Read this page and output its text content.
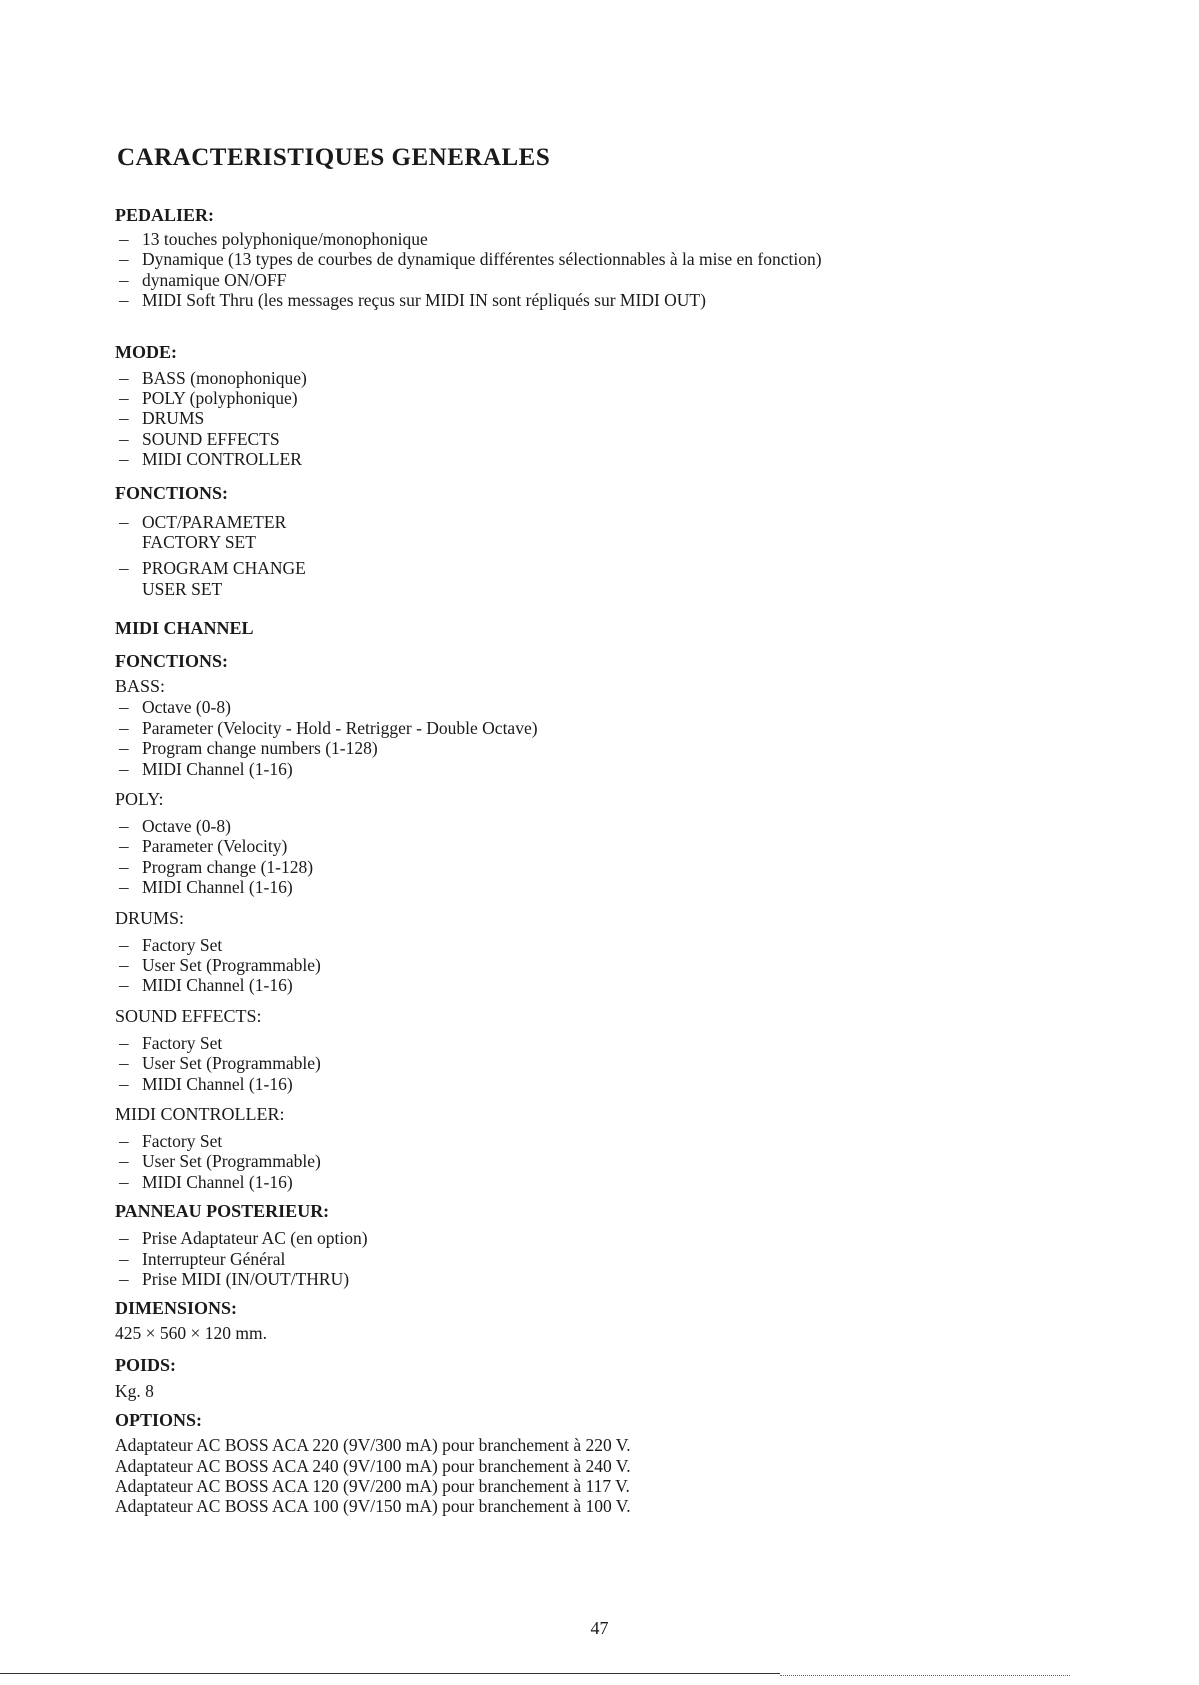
CARACTERISTIQUES GENERALES
PEDALIER:
— 13 touches polyphonique/monophonique
— Dynamique (13 types de courbes de dynamique différentes sélectionnables à la mise en fonction)
— dynamique ON/OFF
— MIDI Soft Thru (les messages reçus sur MIDI IN sont répliqués sur MIDI OUT)
MODE:
— BASS (monophonique)
— POLY (polyphonique)
— DRUMS
— SOUND EFFECTS
— MIDI CONTROLLER
FONCTIONS:
— OCT/PARAMETER
FACTORY SET
— PROGRAM CHANGE
USER SET
MIDI CHANNEL
FONCTIONS:
BASS:
— Octave (0-8)
— Parameter (Velocity - Hold - Retrigger - Double Octave)
— Program change numbers (1-128)
— MIDI Channel (1-16)
POLY:
— Octave (0-8)
— Parameter (Velocity)
— Program change (1-128)
— MIDI Channel (1-16)
DRUMS:
— Factory Set
— User Set (Programmable)
— MIDI Channel (1-16)
SOUND EFFECTS:
— Factory Set
— User Set (Programmable)
— MIDI Channel (1-16)
MIDI CONTROLLER:
— Factory Set
— User Set (Programmable)
— MIDI Channel (1-16)
PANNEAU POSTERIEUR:
— Prise Adaptateur AC (en option)
— Interrupteur Général
— Prise MIDI (IN/OUT/THRU)
DIMENSIONS:

425 × 560 × 120 mm.

POIDS:

Kg. 8

OPTIONS:

Adaptateur AC BOSS ACA 220 (9V/300 mA) pour branchement à 220 V.

Adaptateur AC BOSS ACA 240 (9V/100 mA) pour branchement à 240 V.

Adaptateur AC BOSS ACA 120 (9V/200 mA) pour branchement à 117 V.

Adaptateur AC BOSS ACA 100 (9V/150 mA) pour branchement à 100 V.

47
